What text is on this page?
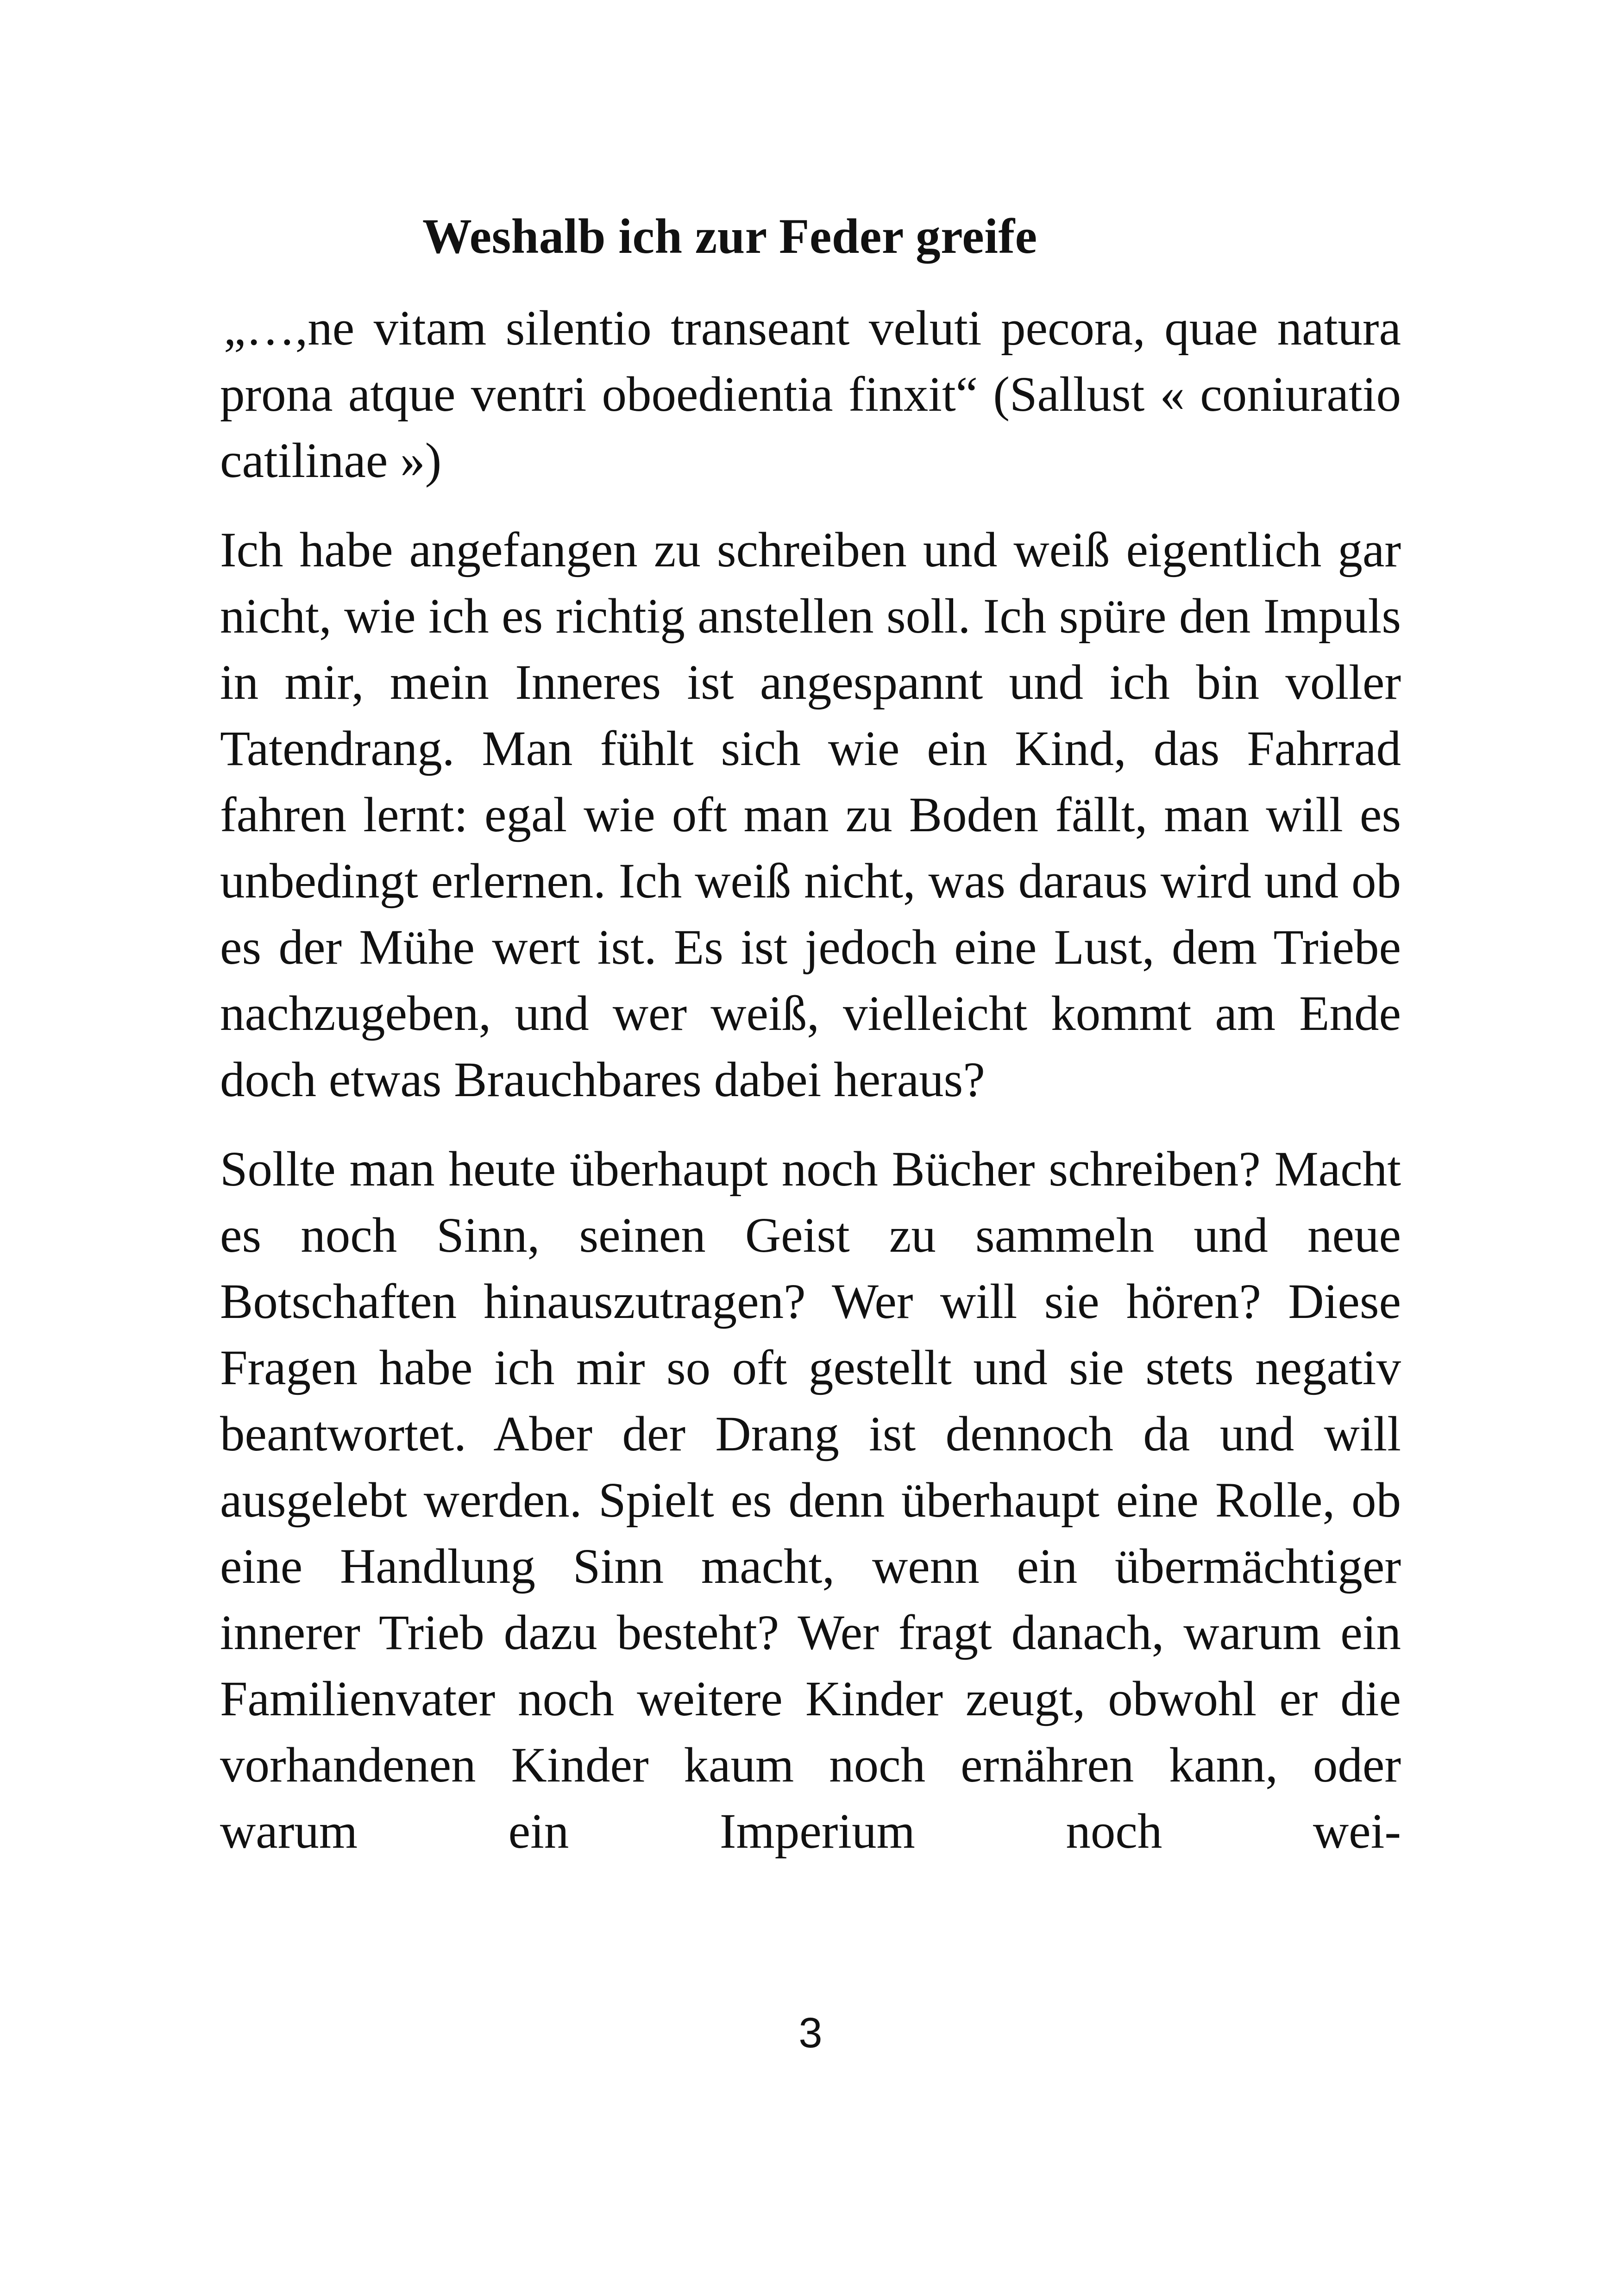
Weshalb ich zur Feder greife

„…,ne vitam silentio transeant veluti pecora, quae natura prona atque ventri oboedientia finxit“ (Sallust « coniuratio catilinae »)

Ich habe angefangen zu schreiben und weiß eigentlich gar nicht, wie ich es richtig anstellen soll. Ich spüre den Impuls in mir, mein Inneres ist angespannt und ich bin voller Tatendrang. Man fühlt sich wie ein Kind, das Fahrrad fahren lernt: egal wie oft man zu Boden fällt, man will es unbedingt erlernen. Ich weiß nicht, was daraus wird und ob es der Mühe wert ist. Es ist jedoch eine Lust, dem Triebe nachzugeben, und wer weiß, vielleicht kommt am Ende doch etwas Brauchbares dabei heraus?

Sollte man heute überhaupt noch Bücher schreiben? Macht es noch Sinn, seinen Geist zu sammeln und neue Botschaften hinauszutragen? Wer will sie hören? Diese Fragen habe ich mir so oft gestellt und sie stets negativ beantwortet. Aber der Drang ist dennoch da und will ausgelebt werden. Spielt es denn überhaupt eine Rolle, ob eine Handlung Sinn macht, wenn ein übermächtiger innerer Trieb dazu besteht? Wer fragt danach, warum ein Familienvater noch weitere Kinder zeugt, obwohl er die vorhandenen Kinder kaum noch ernähren kann, oder warum ein Imperium noch wei-

3
